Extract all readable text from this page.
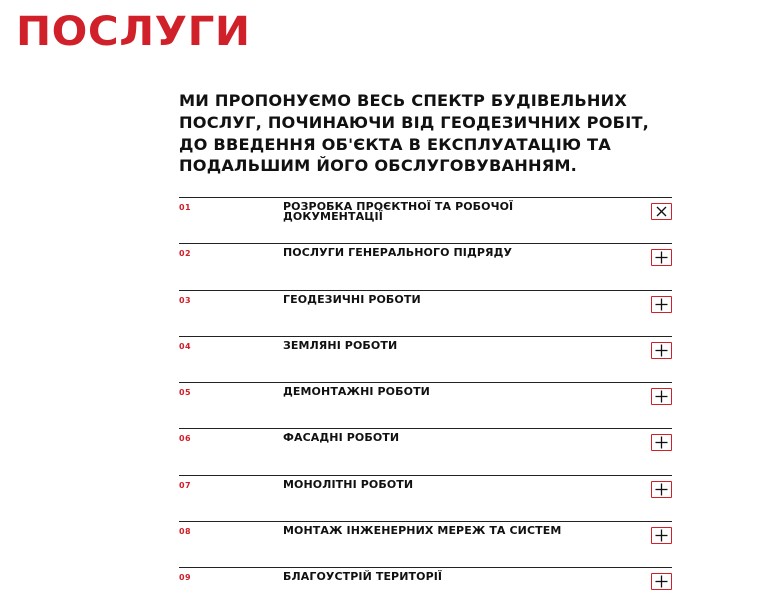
ПОСЛУГИ

МИ ПРОПОНУЄМО ВЕСЬ СПЕКТР БУДІВЕЛЬНИХ ПОСЛУГ, ПОЧИНАЮЧИ ВІД ГЕОДЕЗИЧНИХ РОБІТ, ДО ВВЕДЕННЯ ОБ'ЄКТА В ЕКСПЛУАТАЦІЮ ТА ПОДАЛЬШИМ ЙОГО ОБСЛУГОВУВАННЯМ.

01	РОЗРОБКА ПРОЄКТНОЇ ТА РОБОЧОЇ ДОКУМЕНТАЦІЇ
02	ПОСЛУГИ ГЕНЕРАЛЬНОГО ПІДРЯДУ
03	ГЕОДЕЗИЧНІ РОБОТИ
04	ЗЕМЛЯНІ РОБОТИ
05	ДЕМОНТАЖНІ РОБОТИ
06	ФАСАДНІ РОБОТИ
07	МОНОЛІТНІ РОБОТИ
08	МОНТАЖ ІНЖЕНЕРНИХ МЕРЕЖ ТА СИСТЕМ
09	БЛАГОУСТРІЙ ТЕРИТОРІЇ
